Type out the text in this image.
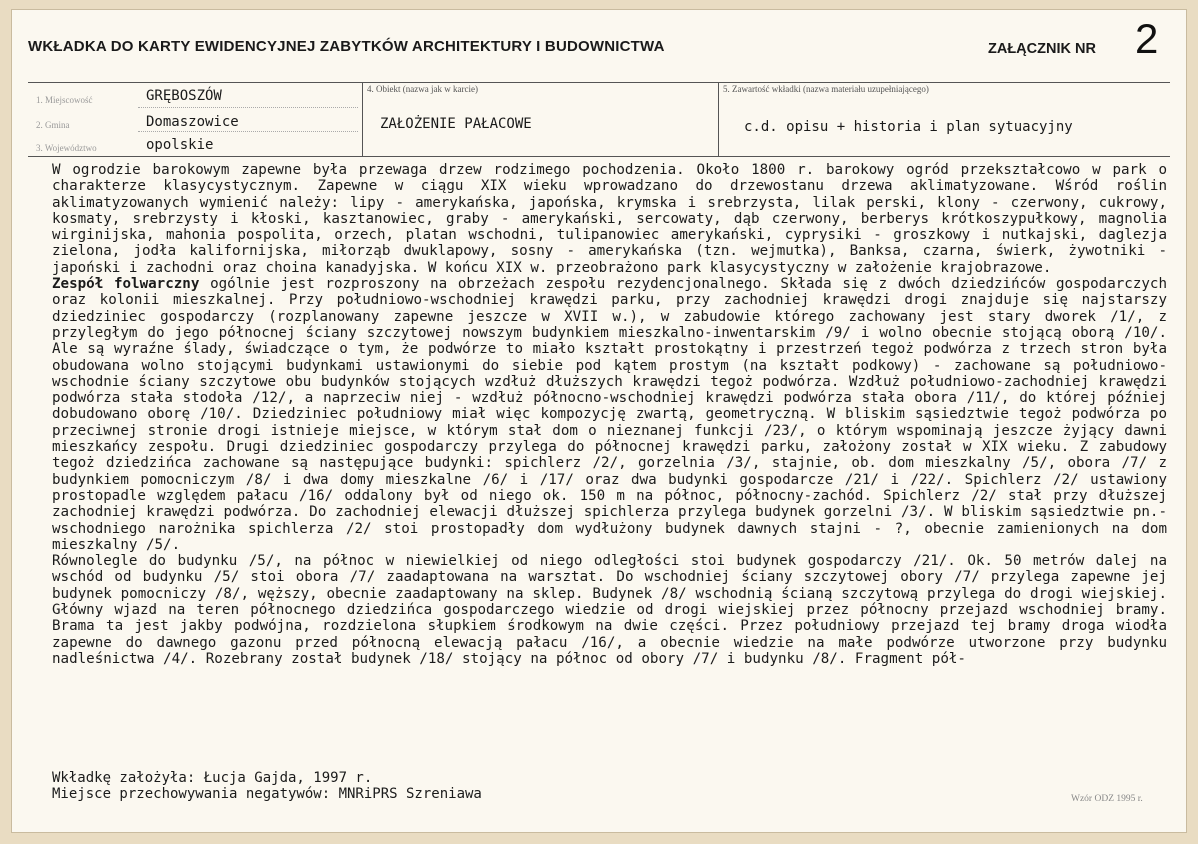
WKŁADKA DO KARTY EWIDENCYJNEJ ZABYTKÓW ARCHITEKTURY I BUDOWNICTWA	ZAŁĄCZNIK NR 2
1. Miejscowość	GRĘBOSZÓW
2. Gmina	Domaszowice
3. Województwo	opolskie
4. Obiekt (nazwa jak w karcie)
ZAŁOŻENIE PAŁACOWE
5. Zawartość wkładki (nazwa materiału uzupełniającego)
c.d. opisu + historia i plan sytuacyjny

W ogrodzie barokowym zapewne była przewaga drzew rodzimego pochodzenia. Około 1800 r. barokowy ogród przekształcowo w park o charakterze klasycystycznym. Zapewne w ciągu XIX wieku wprowadzano do drzewostanu drzewa aklimatyzowane. Wśród roślin aklimatyzowanych wymienić należy: lipy - amerykańska, japońska, krymska i srebrzysta, lilak perski, klony - czerwony, cukrowy, kosmaty, srebrzysty i kłoski, kasztanowiec, graby - amerykański, sercowaty, dąb czerwony, berberys krótkoszypułkowy, magnolia wirginijska, mahonia pospolita, orzech, platan wschodni, tulipanowiec amerykański, cyprysiki - groszkowy i nutkajski, daglezja zielona, jodła kalifornijska, miłorząb dwuklapowy, sosny - amerykańska (tzn. wejmutka), Banksa, czarna, świerk, żywotniki - japoński i zachodni oraz choina kanadyjska. W końcu XIX w. przeobrażono park klasycystyczny w założenie krajobrazowe.

Zespół folwarczny ogólnie jest rozproszony na obrzeżach zespołu rezydencjonalnego. Składa się z dwóch dziedzińców gospodarczych oraz kolonii mieszkalnej. Przy południowo-wschodniej krawędzi parku, przy zachodniej krawędzi drogi znajduje się najstarszy dziedziniec gospodarczy (rozplanowany zapewne jeszcze w XVII w.), w zabudowie którego zachowany jest stary dworek /1/, z przyległym do jego północnej ściany szczytowej nowszym budynkiem mieszkalno-inwentarskim /9/ i wolno obecnie stojącą oborą /10/. Ale są wyraźne ślady, świadczące o tym, że podwórze to miało kształt prostokątny i przestrzeń tegoż podwórza z trzech stron była obudowana wolno stojącymi budynkami ustawionymi do siebie pod kątem prostym (na kształt podkowy) - zachowane są południowo-wschodnie ściany szczytowe obu budynków stojących wzdłuż dłuższych krawędzi tegoż podwórza. Wzdłuż południowo-zachodniej krawędzi podwórza stała stodoła /12/, a naprzeciw niej - wzdłuż północno-wschodniej krawędzi podwórza stała obora /11/, do której później dobudowano oborę /10/. Dziedziniec południowy miał więc kompozycję zwartą, geometryczną. W bliskim sąsiedztwie tegoż podwórza po przeciwnej stronie drogi istnieje miejsce, w którym stał dom o nieznanej funkcji /23/, o którym wspominają jeszcze żyjący dawni mieszkańcy zespołu. Drugi dziedziniec gospodarczy przylega do północnej krawędzi parku, założony został w XIX wieku. Z zabudowy tegoż dziedzińca zachowane są następujące budynki: spichlerz /2/, gorzelnia /3/, stajnie, ob. dom mieszkalny /5/, obora /7/ z budynkiem pomocniczym /8/ i dwa domy mieszkalne /6/ i /17/ oraz dwa budynki gospodarcze /21/ i /22/. Spichlerz /2/ ustawiony prostopadle względem pałacu /16/ oddalony był od niego ok. 150 m na północ, północny-zachód. Spichlerz /2/ stał przy dłuższej zachodniej krawędzi podwórza. Do zachodniej elewacji dłuższej spichlerza przylega budynek gorzelni /3/. W bliskim sąsiedztwie pn.-wschodniego narożnika spichlerza /2/ stoi prostopadły dom wydłużony budynek dawnych stajni - ?, obecnie zamienionych na dom mieszkalny /5/.

Równolegle do budynku /5/, na północ w niewielkiej od niego odległości stoi budynek gospodarczy /21/. Ok. 50 metrów dalej na wschód od budynku /5/ stoi obora /7/ zaadaptowana na warsztat. Do wschodniej ściany szczytowej obory /7/ przylega zapewne jej budynek pomocniczy /8/, węższy, obecnie zaadaptowany na sklep. Budynek /8/ wschodnią ścianą szczytową przylega do drogi wiejskiej. Główny wjazd na teren północnego dziedzińca gospodarczego wiedzie od drogi wiejskiej przez północny przejazd wschodniej bramy. Brama ta jest jakby podwójna, rozdzielona słupkiem środkowym na dwie części. Przez południowy przejazd tej bramy droga wiodła zapewne do dawnego gazonu przed północną elewacją pałacu /16/, a obecnie wiedzie na małe podwórze utworzone przy budynku nadleśnictwa /4/. Rozebrany został budynek /18/ stojący na północ od obory /7/ i budynku /8/. Fragment pół-

Wkładkę założyła: Łucja Gajda, 1997 r.
Miejsce przechowywania negatywów: MNRiPRS Szreniawa	Wzór ODZ 1995 r.
